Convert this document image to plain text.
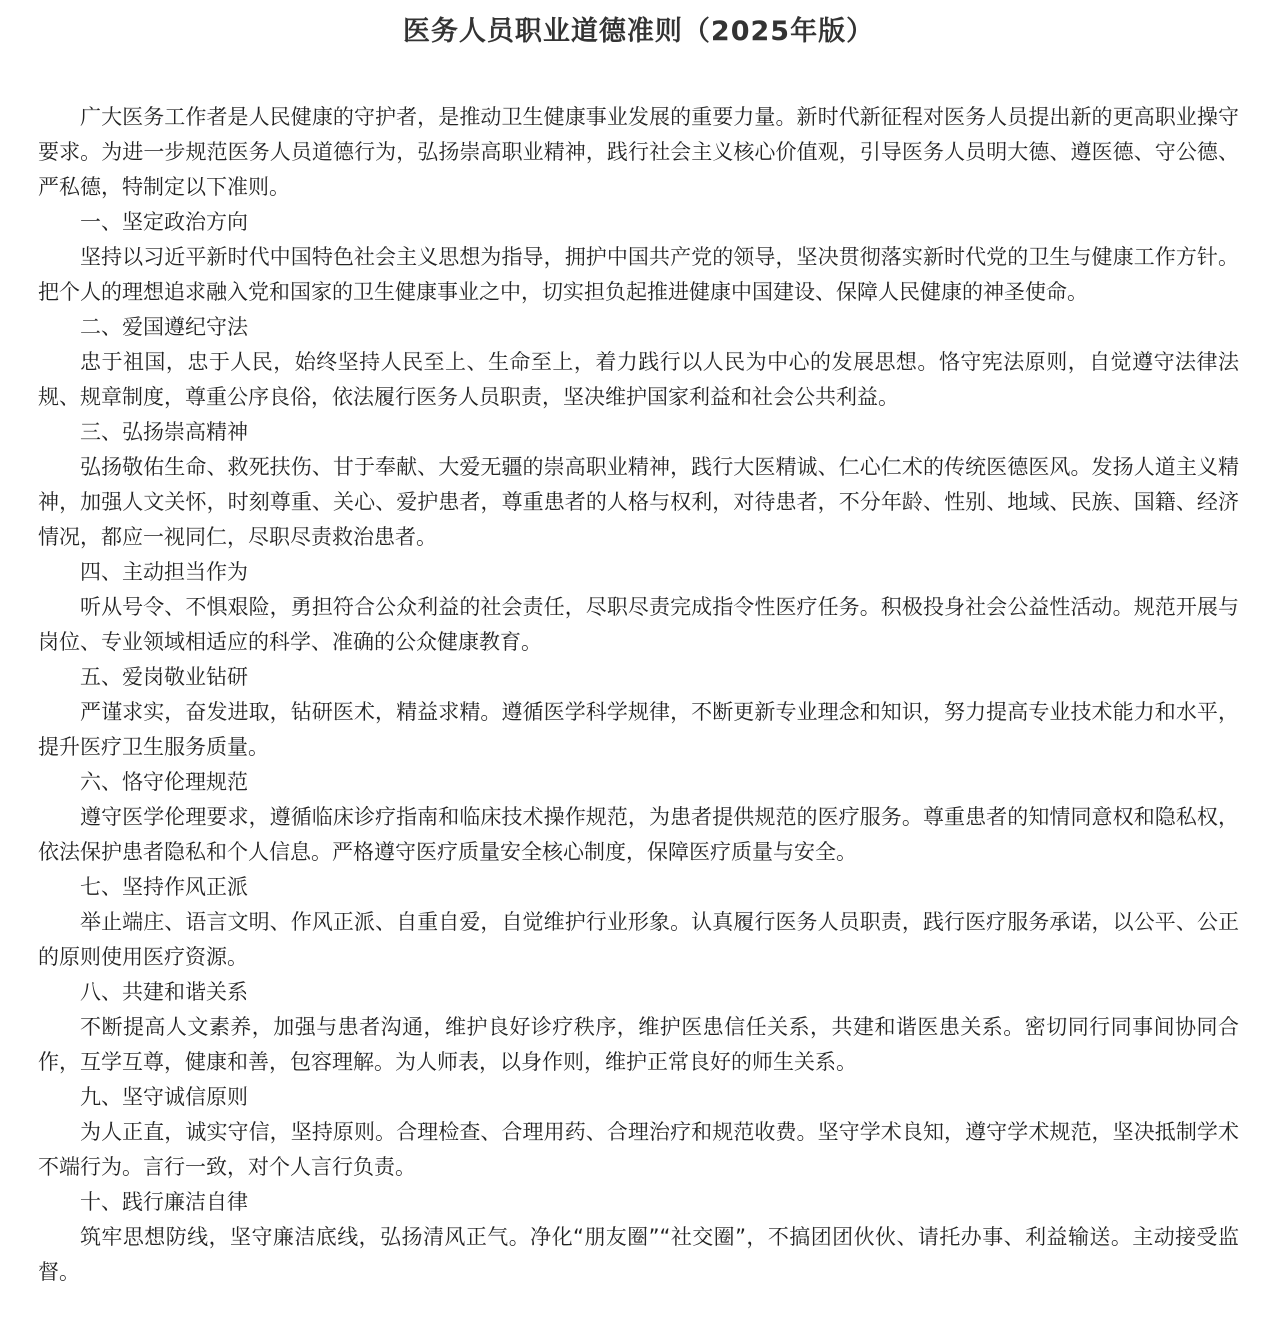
医务人员职业道德准则（2025年版）

广大医务工作者是人民健康的守护者，是推动卫生健康事业发展的重要力量。新时代新征程对医务人员提出新的更高职业操守要求。为进一步规范医务人员道德行为，弘扬崇高职业精神，践行社会主义核心价值观，引导医务人员明大德、遵医德、守公德、严私德，特制定以下准则。

一、坚定政治方向

坚持以习近平新时代中国特色社会主义思想为指导，拥护中国共产党的领导，坚决贯彻落实新时代党的卫生与健康工作方针。把个人的理想追求融入党和国家的卫生健康事业之中，切实担负起推进健康中国建设、保障人民健康的神圣使命。

二、爱国遵纪守法

忠于祖国，忠于人民，始终坚持人民至上、生命至上，着力践行以人民为中心的发展思想。恪守宪法原则，自觉遵守法律法规、规章制度，尊重公序良俗，依法履行医务人员职责，坚决维护国家利益和社会公共利益。

三、弘扬崇高精神

弘扬敬佑生命、救死扶伤、甘于奉献、大爱无疆的崇高职业精神，践行大医精诚、仁心仁术的传统医德医风。发扬人道主义精神，加强人文关怀，时刻尊重、关心、爱护患者，尊重患者的人格与权利，对待患者，不分年龄、性别、地域、民族、国籍、经济情况，都应一视同仁，尽职尽责救治患者。

四、主动担当作为

听从号令、不惧艰险，勇担符合公众利益的社会责任，尽职尽责完成指令性医疗任务。积极投身社会公益性活动。规范开展与岗位、专业领域相适应的科学、准确的公众健康教育。

五、爱岗敬业钻研

严谨求实，奋发进取，钻研医术，精益求精。遵循医学科学规律，不断更新专业理念和知识，努力提高专业技术能力和水平，提升医疗卫生服务质量。

六、恪守伦理规范

遵守医学伦理要求，遵循临床诊疗指南和临床技术操作规范，为患者提供规范的医疗服务。尊重患者的知情同意权和隐私权，依法保护患者隐私和个人信息。严格遵守医疗质量安全核心制度，保障医疗质量与安全。

七、坚持作风正派

举止端庄、语言文明、作风正派、自重自爱，自觉维护行业形象。认真履行医务人员职责，践行医疗服务承诺，以公平、公正的原则使用医疗资源。

八、共建和谐关系

不断提高人文素养，加强与患者沟通，维护良好诊疗秩序，维护医患信任关系，共建和谐医患关系。密切同行同事间协同合作，互学互尊，健康和善，包容理解。为人师表，以身作则，维护正常良好的师生关系。

九、坚守诚信原则

为人正直，诚实守信，坚持原则。合理检查、合理用药、合理治疗和规范收费。坚守学术良知，遵守学术规范，坚决抵制学术不端行为。言行一致，对个人言行负责。

十、践行廉洁自律

筑牢思想防线，坚守廉洁底线，弘扬清风正气。净化“朋友圈”“社交圈”，不搞团团伙伙、请托办事、利益输送。主动接受监督。
